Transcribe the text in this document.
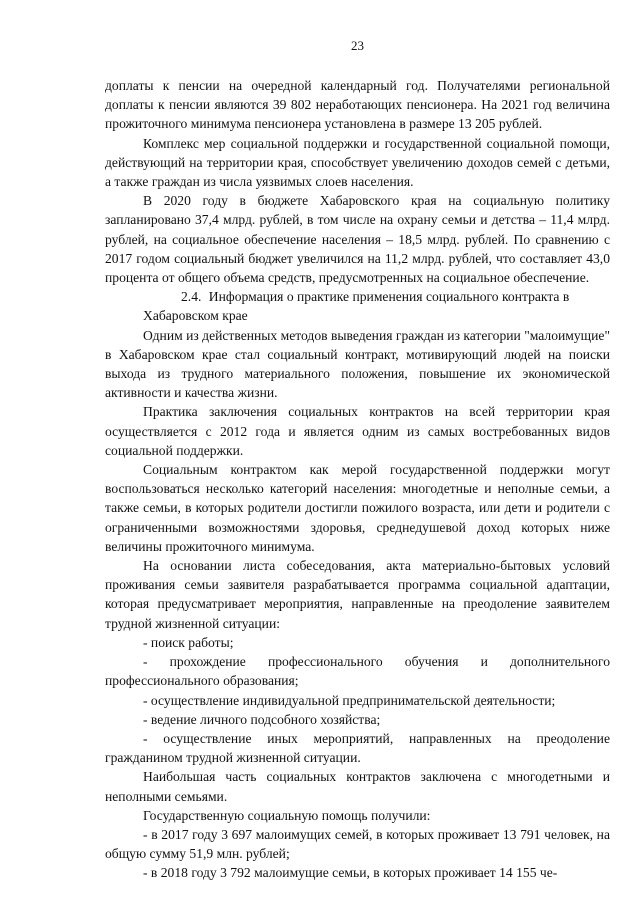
23

доплаты к пенсии на очередной календарный год. Получателями региональной доплаты к пенсии являются 39 802 неработающих пенсионера. На 2021 год величина прожиточного минимума пенсионера установлена в размере 13 205 рублей.

Комплекс мер социальной поддержки и государственной социальной помощи, действующий на территории края, способствует увеличению доходов семей с детьми, а также граждан из числа уязвимых слоев населения.

В 2020 году в бюджете Хабаровского края на социальную политику запланировано 37,4 млрд. рублей, в том числе на охрану семьи и детства – 11,4 млрд. рублей, на социальное обеспечение населения – 18,5 млрд. рублей. По сравнению с 2017 годом социальный бюджет увеличился на 11,2 млрд. рублей, что составляет 43,0 процента от общего объема средств, предусмотренных на социальное обеспечение.

2.4. Информация о практике применения социального контракта в Хабаровском крае

Одним из действенных методов выведения граждан из категории "малоимущие" в Хабаровском крае стал социальный контракт, мотивирующий людей на поиски выхода из трудного материального положения, повышение их экономической активности и качества жизни.

Практика заключения социальных контрактов на всей территории края осуществляется с 2012 года и является одним из самых востребованных видов социальной поддержки.

Социальным контрактом как мерой государственной поддержки могут воспользоваться несколько категорий населения: многодетные и неполные семьи, а также семьи, в которых родители достигли пожилого возраста, или дети и родители с ограниченными возможностями здоровья, среднедушевой доход которых ниже величины прожиточного минимума.

На основании листа собеседования, акта материально-бытовых условий проживания семьи заявителя разрабатывается программа социальной адаптации, которая предусматривает мероприятия, направленные на преодоление заявителем трудной жизненной ситуации:

- поиск работы;
- прохождение профессионального обучения и дополнительного профессионального образования;
- осуществление индивидуальной предпринимательской деятельности;
- ведение личного подсобного хозяйства;
- осуществление иных мероприятий, направленных на преодоление гражданином трудной жизненной ситуации.

Наибольшая часть социальных контрактов заключена с многодетными и неполными семьями.

Государственную социальную помощь получили:

- в 2017 году 3 697 малоимущих семей, в которых проживает 13 791 человек, на общую сумму 51,9 млн. рублей;
- в 2018 году 3 792 малоимущие семьи, в которых проживает 14 155 че-
